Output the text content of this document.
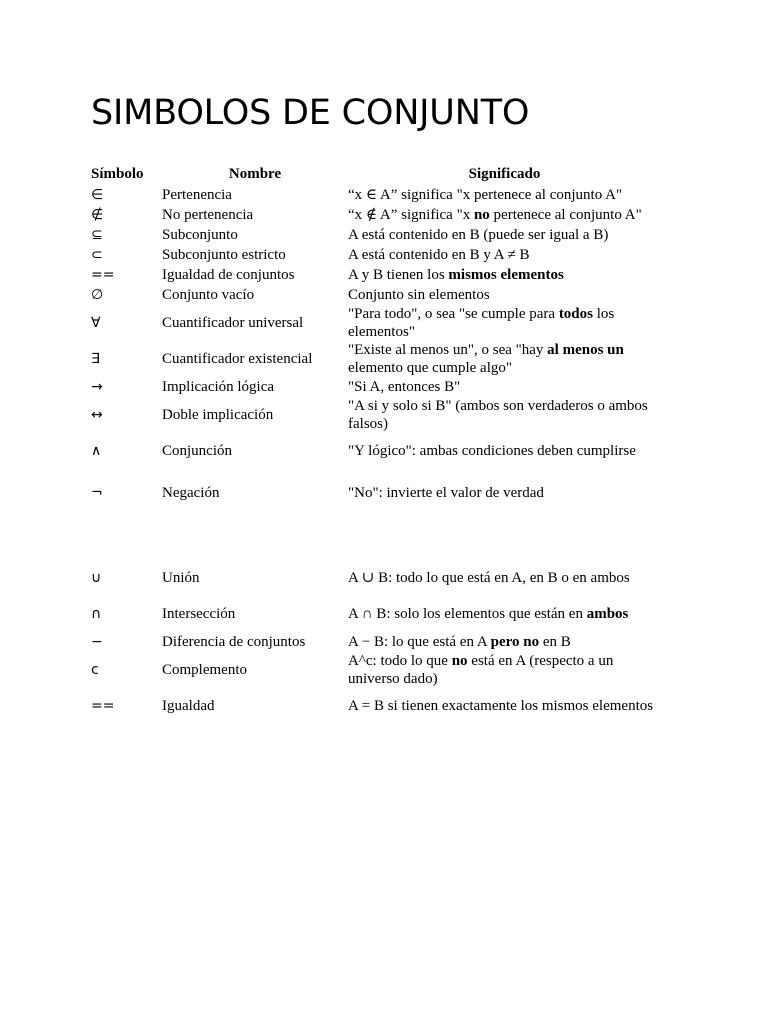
SIMBOLOS DE CONJUNTO
Símbolo	Nombre	Significado
∈	Pertenencia	“x ∈ A” significa "x pertenece al conjunto A"
∉	No pertenencia	“x ∉ A” significa "x no pertenece al conjunto A"
⊆	Subconjunto	A está contenido en B (puede ser igual a B)
⊂	Subconjunto estricto	A está contenido en B y A ≠ B
==	Igualdad de conjuntos	A y B tienen los mismos elementos
∅	Conjunto vacío	Conjunto sin elementos
∀	Cuantificador universal	"Para todo", o sea "se cumple para todos los elementos"
∃	Cuantificador existencial	"Existe al menos un", o sea "hay al menos un elemento que cumple algo"
→	Implicación lógica	"Si A, entonces B"
↔	Doble implicación	"A si y solo si B" (ambos son verdaderos o ambos falsos)
∧	Conjunción	"Y lógico": ambas condiciones deben cumplirse
¬	Negación	"No": invierte el valor de verdad

∪	Unión	A ∪ B: todo lo que está en A, en B o en ambos
∩	Intersección	A ∩ B: solo los elementos que están en ambos
−	Diferencia de conjuntos	A − B: lo que está en A pero no en B
c	Complemento	A^c: todo lo que no está en A (respecto a un universo dado)
==	Igualdad	A = B si tienen exactamente los mismos elementos
